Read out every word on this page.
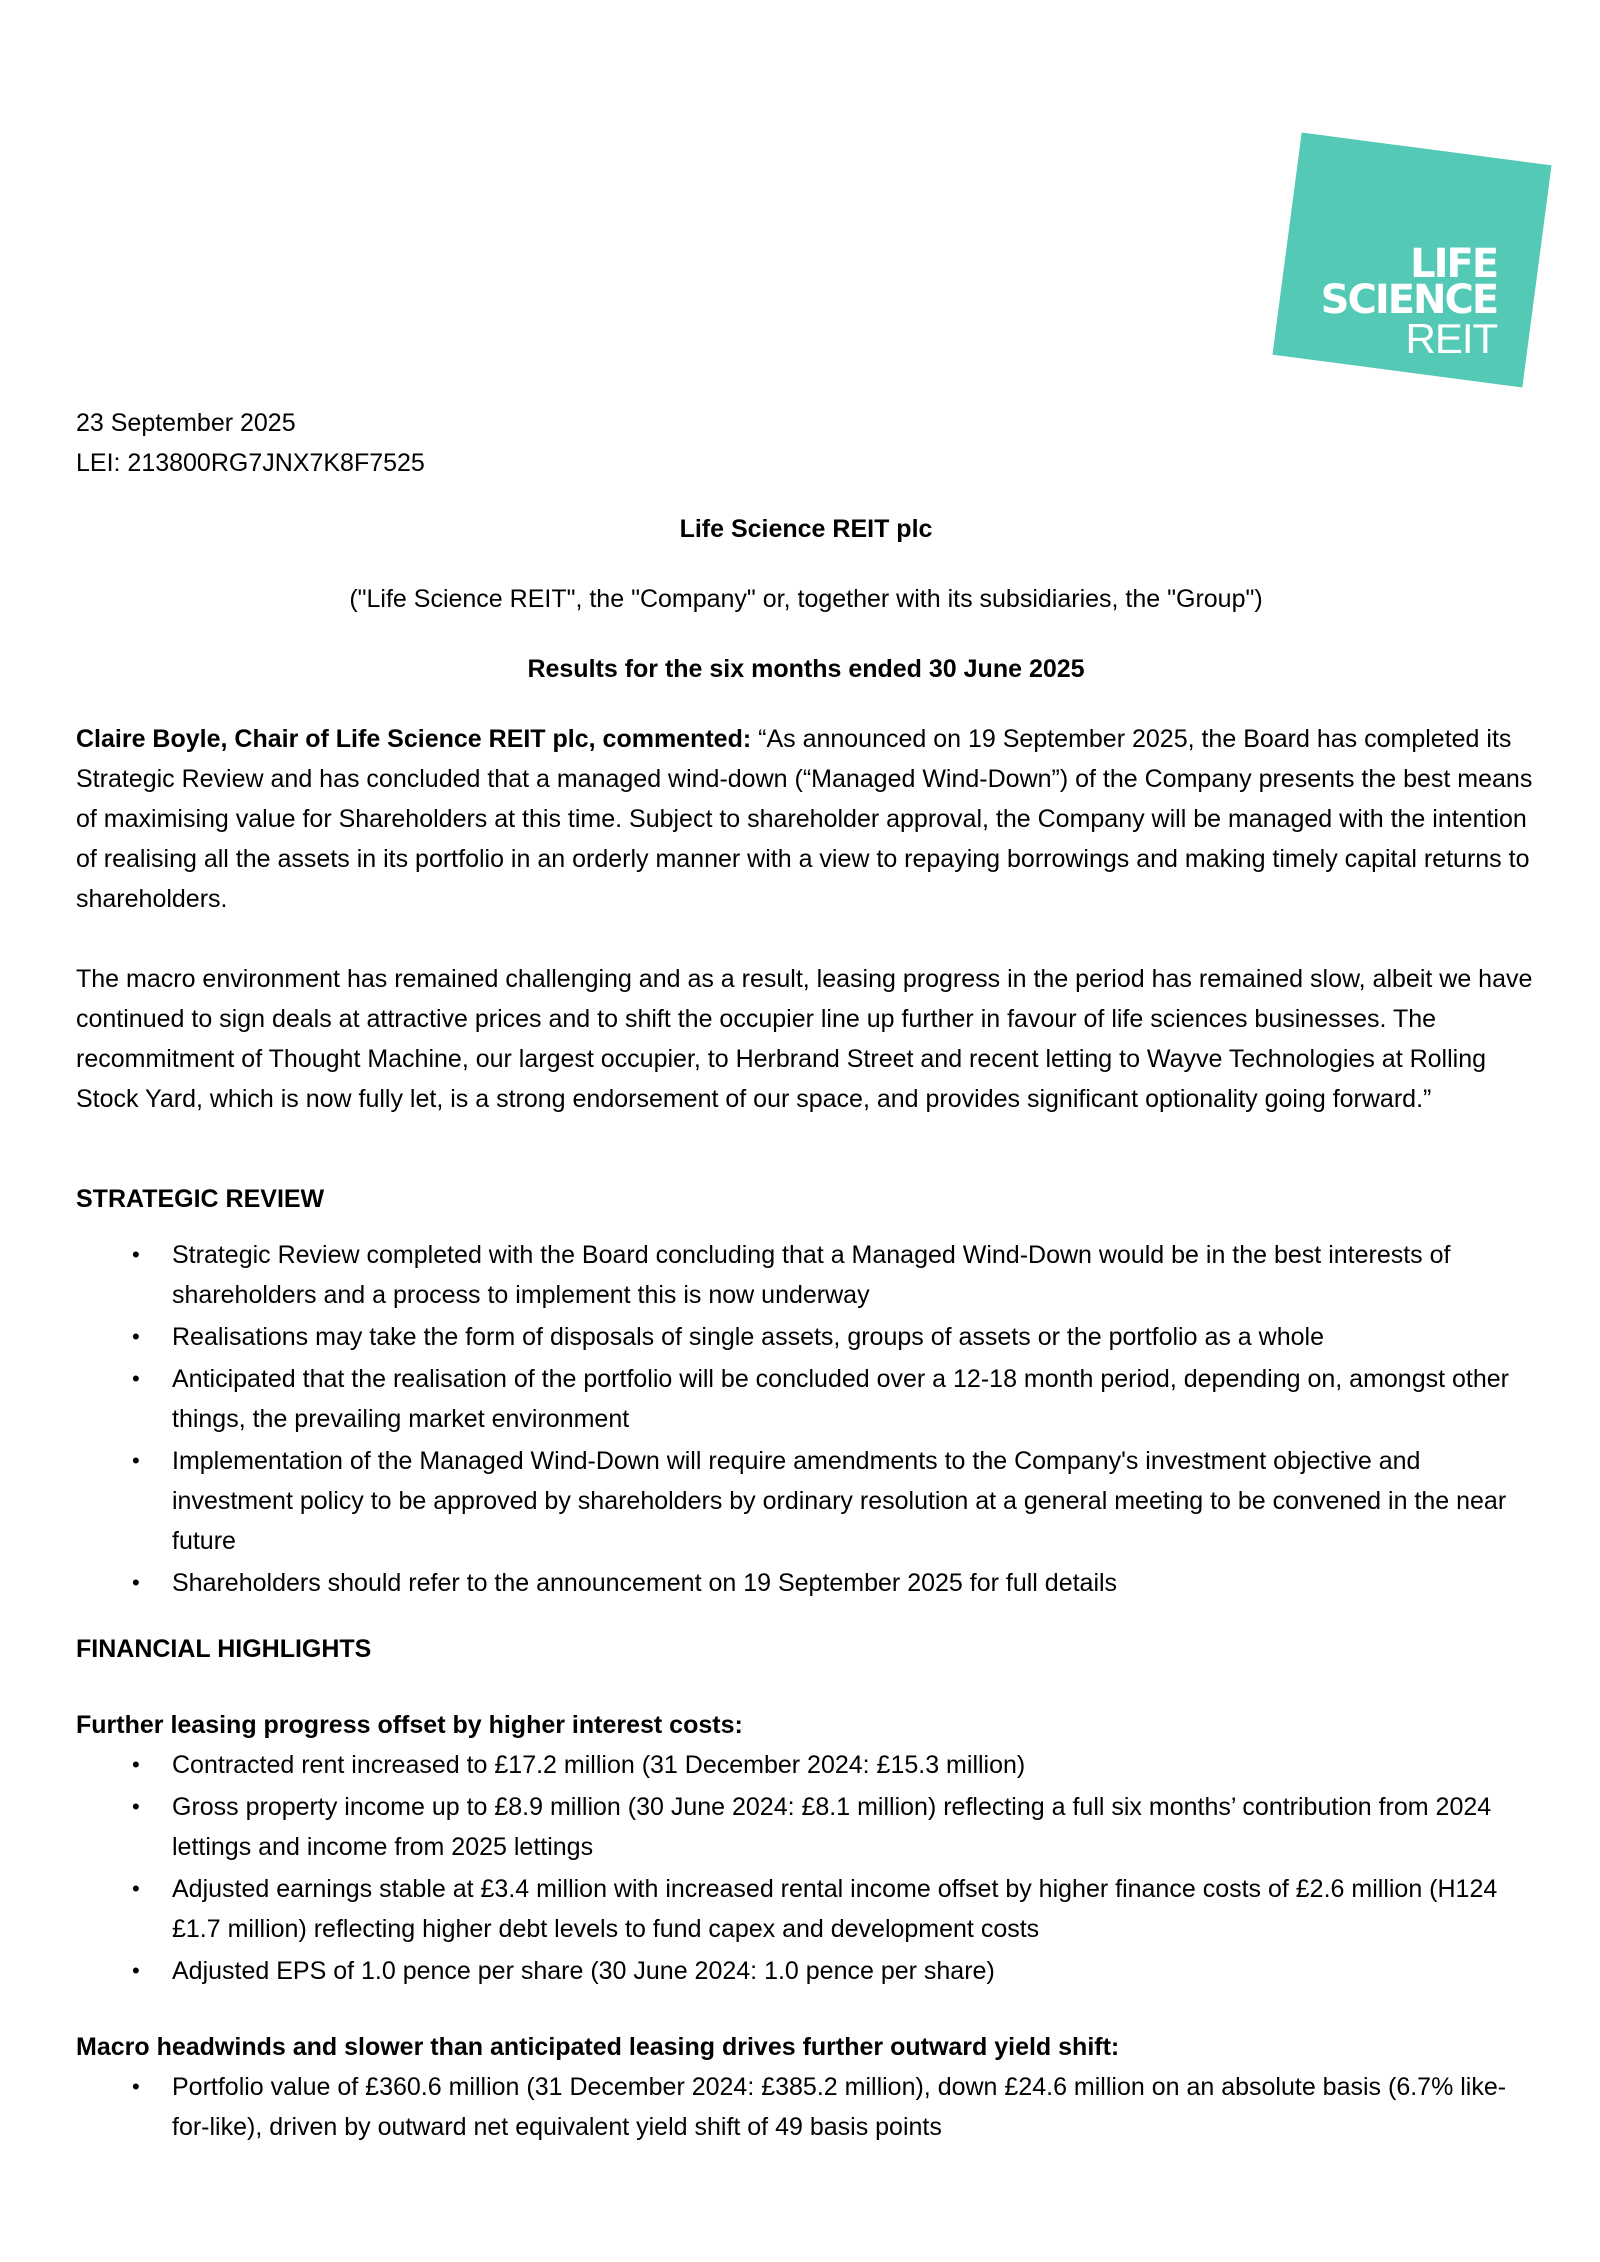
LIFE
SCIENCE
REIT
23 September 2025
LEI: 213800RG7JNX7K8F7525
Life Science REIT plc
("Life Science REIT", the "Company" or, together with its subsidiaries, the "Group")
Results for the six months ended 30 June 2025

Claire Boyle, Chair of Life Science REIT plc, commented: “As announced on 19 September 2025, the Board has completed its Strategic Review and has concluded that a managed wind-down (“Managed Wind-Down”) of the Company presents the best means of maximising value for Shareholders at this time. Subject to shareholder approval, the Company will be managed with the intention of realising all the assets in its portfolio in an orderly manner with a view to repaying borrowings and making timely capital returns to shareholders.

The macro environment has remained challenging and as a result, leasing progress in the period has remained slow, albeit we have continued to sign deals at attractive prices and to shift the occupier line up further in favour of life sciences businesses. The recommitment of Thought Machine, our largest occupier, to Herbrand Street and recent letting to Wayve Technologies at Rolling Stock Yard, which is now fully let, is a strong endorsement of our space, and provides significant optionality going forward.”

STRATEGIC REVIEW
• Strategic Review completed with the Board concluding that a Managed Wind-Down would be in the best interests of shareholders and a process to implement this is now underway
• Realisations may take the form of disposals of single assets, groups of assets or the portfolio as a whole
• Anticipated that the realisation of the portfolio will be concluded over a 12-18 month period, depending on, amongst other things, the prevailing market environment
• Implementation of the Managed Wind-Down will require amendments to the Company's investment objective and investment policy to be approved by shareholders by ordinary resolution at a general meeting to be convened in the near future
• Shareholders should refer to the announcement on 19 September 2025 for full details
FINANCIAL HIGHLIGHTS
Further leasing progress offset by higher interest costs:
• Contracted rent increased to £17.2 million (31 December 2024: £15.3 million)
• Gross property income up to £8.9 million (30 June 2024: £8.1 million) reflecting a full six months’ contribution from 2024 lettings and income from 2025 lettings
• Adjusted earnings stable at £3.4 million with increased rental income offset by higher finance costs of £2.6 million (H124 £1.7 million) reflecting higher debt levels to fund capex and development costs
• Adjusted EPS of 1.0 pence per share (30 June 2024: 1.0 pence per share)
Macro headwinds and slower than anticipated leasing drives further outward yield shift:
• Portfolio value of £360.6 million (31 December 2024: £385.2 million), down £24.6 million on an absolute basis (6.7% like-for-like), driven by outward net equivalent yield shift of 49 basis points
